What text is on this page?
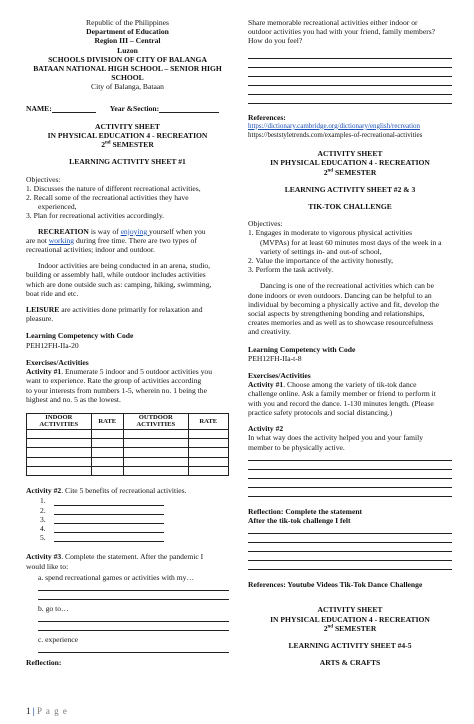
Republic of the Philippines
Department of Education
Region III – Central
Luzon
SCHOOLS DIVISION OF CITY OF BALANGA
BATAAN NATIONAL HIGH SCHOOL – SENIOR HIGH
SCHOOL
City of Balanga, Bataan
NAME:	Year &Section:
ACTIVITY SHEET
IN PHYSICAL EDUCATION 4 - RECREATION
2nd SEMESTER
LEARNING ACTIVITY SHEET #1
Objectives:
1. Discusses the nature of different recreational activities,
2. Recall some of the recreational activities they have
experienced,
3. Plan for recreational activities accordingly.
RECREATION is way of enjoying yourself when you
are not working during free time. There are two types of
recreational activities; indoor and outdoor.
Indoor activities are being conducted in an arena, studio,
building or assembly hall, while outdoor includes activities
which are done outside such as: camping, hiking, swimming,
boat ride and etc.
LEISURE are activities done primarily for relaxation and
pleasure.
Learning Competency with Code
PEH12FH-IIa-20
Exercises/Activities
Activity #1. Enumerate 5 indoor and 5 outdoor activities you
want to experience. Rate the group of activities according
to your interests from numbers 1-5, wherein no. 1 being the
highest and no. 5 as the lowest.
INDOOR ACTIVITIES	RATE	OUTDOOR ACTIVITIES	RATE

Activity #2. Cite 5 benefits of recreational activities.
1.
2.
3.
4.
5.
Activity #3. Complete the statement. After the pandemic I
would like to:
a. spend recreational games or activities with my…
b. go to…
c. experience
Reflection:
Share memorable recreational activities either indoor or
outdoor activities you had with your friend, family members?
How do you feel?
References:
https://dictionary.cambridge.org/dictionary/english/recreation
https://beststyletrends.com/examples-of-recreational-activities
ACTIVITY SHEET
IN PHYSICAL EDUCATION 4 - RECREATION
2nd SEMESTER
LEARNING ACTIVITY SHEET #2 & 3
TIK-TOK CHALLENGE
Objectives:
1. Engages in moderate to vigorous physical activities
(MVPAs) for at least 60 minutes most days of the week in a
variety of settings in- and out-of school,
2. Value the importance of the activity honestly,
3. Perform the task actively.
Dancing is one of the recreational activities which can be
done indoors or even outdoors. Dancing can be helpful to an
individual by becoming a physically active and fit, develop the
social aspects by strengthening bonding and relationships,
creates memories and as well as to showcase resourcefulness
and creativity.
Learning Competency with Code
PEH12FH-IIa-t-8
Exercises/Activities
Activity #1. Choose among the variety of tik-tok dance
challenge online. Ask a family member or friend to perform it
with you and record the dance. 1-130 minutes length. (Please
practice safety protocols and social distancing.)
Activity #2
In what way does the activity helped you and your family
member to be physically active.
Reflection: Complete the statement
After the tik-tok challenge I felt
References: Youtube Videos Tik-Tok Dance Challenge
ACTIVITY SHEET
IN PHYSICAL EDUCATION 4 - RECREATION
2nd SEMESTER
LEARNING ACTIVITY SHEET #4-5
ARTS & CRAFTS
1 | P a g e
